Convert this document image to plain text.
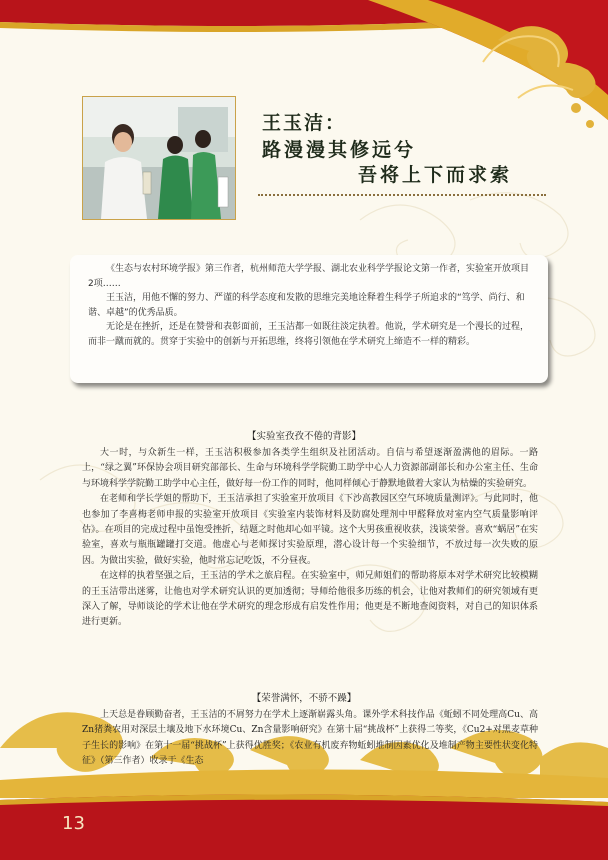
王玉洁：
路漫漫其修远兮
吾将上下而求索

《生态与农村环境学报》第三作者，杭州师范大学学报、湖北农业科学学报论文第一作者，实验室开放项目2项……

王玉洁，用他不懈的努力、严谨的科学态度和发散的思维完美地诠释着生科学子所追求的“笃学、尚行、和谐、卓越”的优秀品质。

无论是在挫折，还是在赞誉和表彰面前，王玉洁都一如既往淡定执着。他说，学术研究是一个漫长的过程，而非一蹴而就的。贯穿于实验中的创新与开拓思维，终将引领他在学术研究上缔造不一样的精彩。

【实验室孜孜不倦的背影】

大一时，与众新生一样，王玉洁积极参加各类学生组织及社团活动。自信与希望逐渐盈满他的眉际。一路上，“绿之翼”环保协会项目研究部部长、生命与环境科学学院勤工助学中心人力资源部副部长和办公室主任、生命与环境科学学院勤工助学中心主任，做好每一份工作的同时，他同样倾心于静默地做着大家认为枯燥的实验研究。

在老师和学长学姐的帮助下，王玉洁承担了实验室开放项目《下沙高教园区空气环境质量测评》。与此同时，他也参加了李喜梅老师申报的实验室开放项目《实验室内装饰材料及防腐处理剂中甲醛释放对室内空气质量影响评估》。在项目的完成过程中虽饱受挫折，结题之时他却心如平镜。这个大男孩重视收获，浅谈荣誉。喜欢“蜗居”在实验室，喜欢与瓶瓶罐罐打交道。他虚心与老师探讨实验原理，潜心设计每一个实验细节，不放过每一次失败的原因。为做出实验，做好实验，他时常忘记吃饭，不分昼夜。

在这样的执着坚强之后，王玉洁的学术之旅启程。在实验室中，师兄师姐们的帮助将原本对学术研究比较模糊的王玉洁带出迷雾，让他也对学术研究认识的更加透彻；导师给他很多历练的机会，让他对教师们的研究领域有更深入了解，导师谈论的学术让他在学术研究的理念形成有启发性作用；他更是不断地查阅资料，对自己的知识体系进行更新。

【荣誉满怀，不骄不躁】

上天总是眷顾勤奋者，王玉洁的不屑努力在学术上逐渐崭露头角。课外学术科技作品《蚯蚓不同处理高Cu、高Zn猪粪农用对深层土壤及地下水环境Cu、Zn含量影响研究》在第十届“挑战杯”上获得二等奖，《Cu2+对黑麦草种子生长的影响》在第十一届“挑战杯”上获得优胜奖；《农业有机废弃物蚯蚓堆制因素优化及堆制产物主要性状变化特征》（第三作者）收录于《生态

13
